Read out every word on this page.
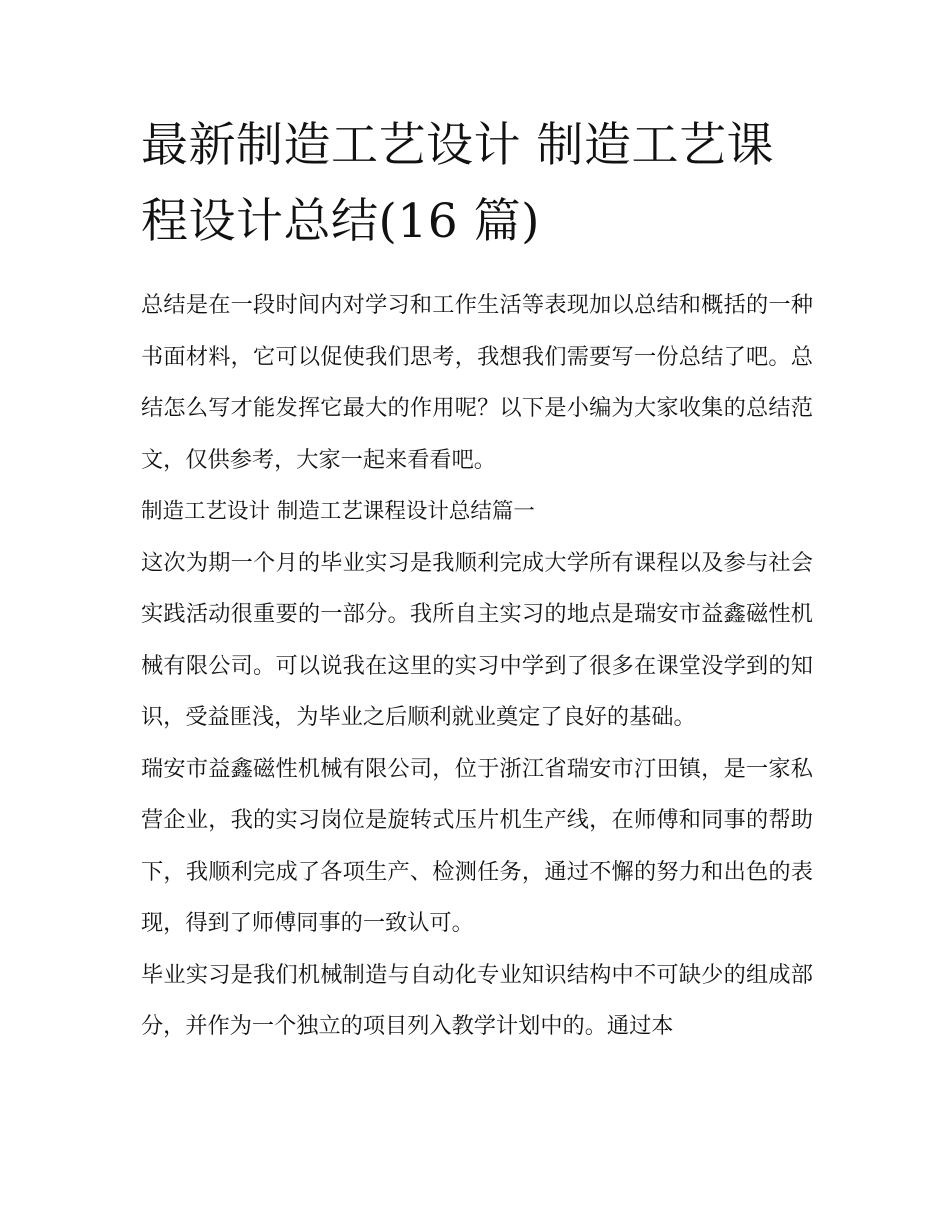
最新制造工艺设计 制造工艺课程设计总结(16 篇)

总结是在一段时间内对学习和工作生活等表现加以总结和概括的一种书面材料，它可以促使我们思考，我想我们需要写一份总结了吧。总结怎么写才能发挥它最大的作用呢？以下是小编为大家收集的总结范文，仅供参考，大家一起来看看吧。

制造工艺设计 制造工艺课程设计总结篇一

这次为期一个月的毕业实习是我顺利完成大学所有课程以及参与社会实践活动很重要的一部分。我所自主实习的地点是瑞安市益鑫磁性机械有限公司。可以说我在这里的实习中学到了很多在课堂没学到的知识，受益匪浅，为毕业之后顺利就业奠定了良好的基础。

瑞安市益鑫磁性机械有限公司，位于浙江省瑞安市汀田镇，是一家私营企业，我的实习岗位是旋转式压片机生产线，在师傅和同事的帮助下，我顺利完成了各项生产、检测任务，通过不懈的努力和出色的表现，得到了师傅同事的一致认可。

毕业实习是我们机械制造与自动化专业知识结构中不可缺少的组成部分，并作为一个独立的项目列入教学计划中的。通过本
